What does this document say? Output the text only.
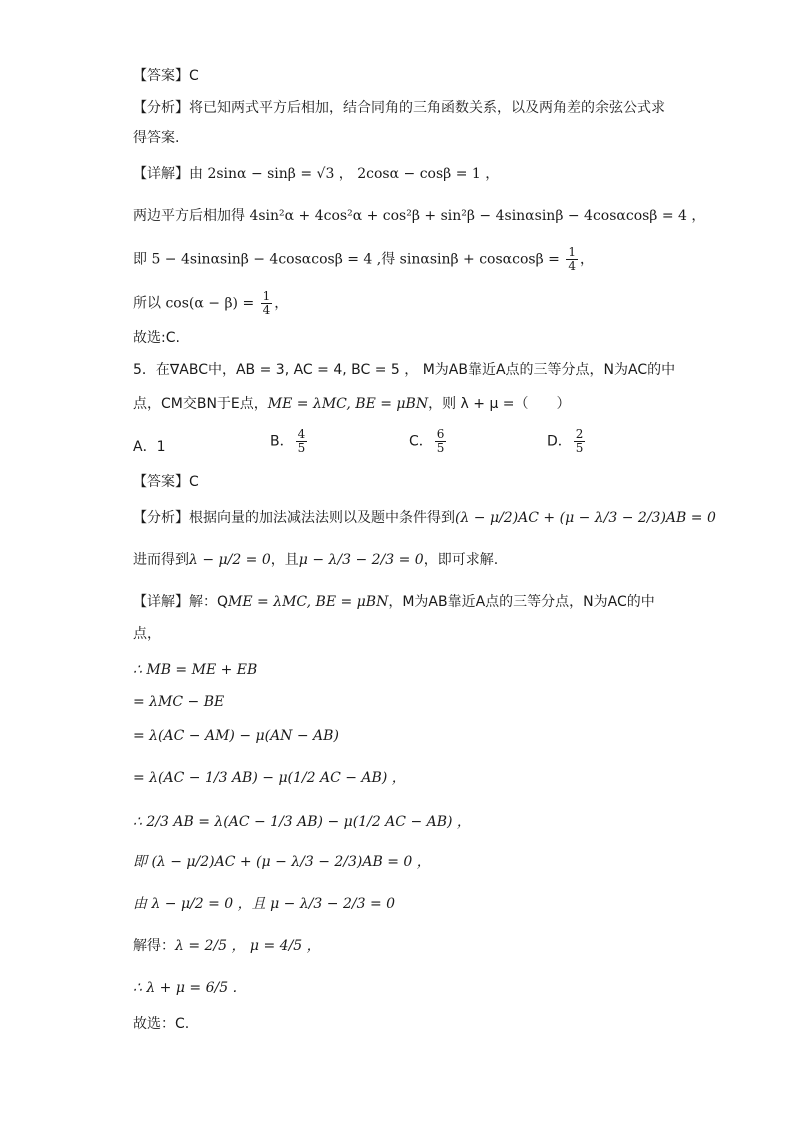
【答案】C
【分析】将已知两式平方后相加，结合同角的三角函数关系，以及两角差的余弦公式求
得答案.
【详解】由 2sinα − sinβ = √3 ， 2cosα − cosβ = 1 ，
两边平方后相加得 4sin²α + 4cos²α + cos²β + sin²β − 4sinαsinβ − 4cosαcosβ = 4 ，
即 5 − 4sinαsinβ − 4cosαcosβ = 4 ,得 $\sin\alpha\sin\beta + \cos\alpha\cos\beta = \frac{1}{4}$ ，
所以 $\cos(\alpha - \beta) = \frac{1}{4}$ ，
故选:C.
5．在∇ABC中，AB = 3, AC = 4, BC = 5 ， M为AB靠近A点的三等分点，N为AC的中
点，CM交BN于E点，ME = λMC, BE = μBN，则 λ + μ =（　　）
A．1	B． $\frac{4}{5}$	C． $\frac{6}{5}$	D． $\frac{2}{5}$
【答案】C
【分析】根据向量的加法减法法则以及题中条件得到(λ − μ/2)AC + (μ − λ/3 − 2/3)AB = 0
进而得到λ − μ/2 = 0，且μ − λ/3 − 2/3 = 0，即可求解.
【详解】解：QME = λMC, BE = μBN，M为AB靠近A点的三等分点，N为AC的中
点，
∴ MB = ME + EB
= λMC − BE
= λ(AC − AM) − μ(AN − AB)
= λ(AC − 1/3 AB) − μ(1/2 AC − AB) ，
∴ 2/3 AB = λ(AC − 1/3 AB) − μ(1/2 AC − AB) ，
即 (λ − μ/2)AC + (μ − λ/3 − 2/3)AB = 0 ，
由 λ − μ/2 = 0 ，且 μ − λ/3 − 2/3 = 0
解得：λ = 2/5 ， μ = 4/5 ，
∴ λ + μ = 6/5 .
故选：C.
